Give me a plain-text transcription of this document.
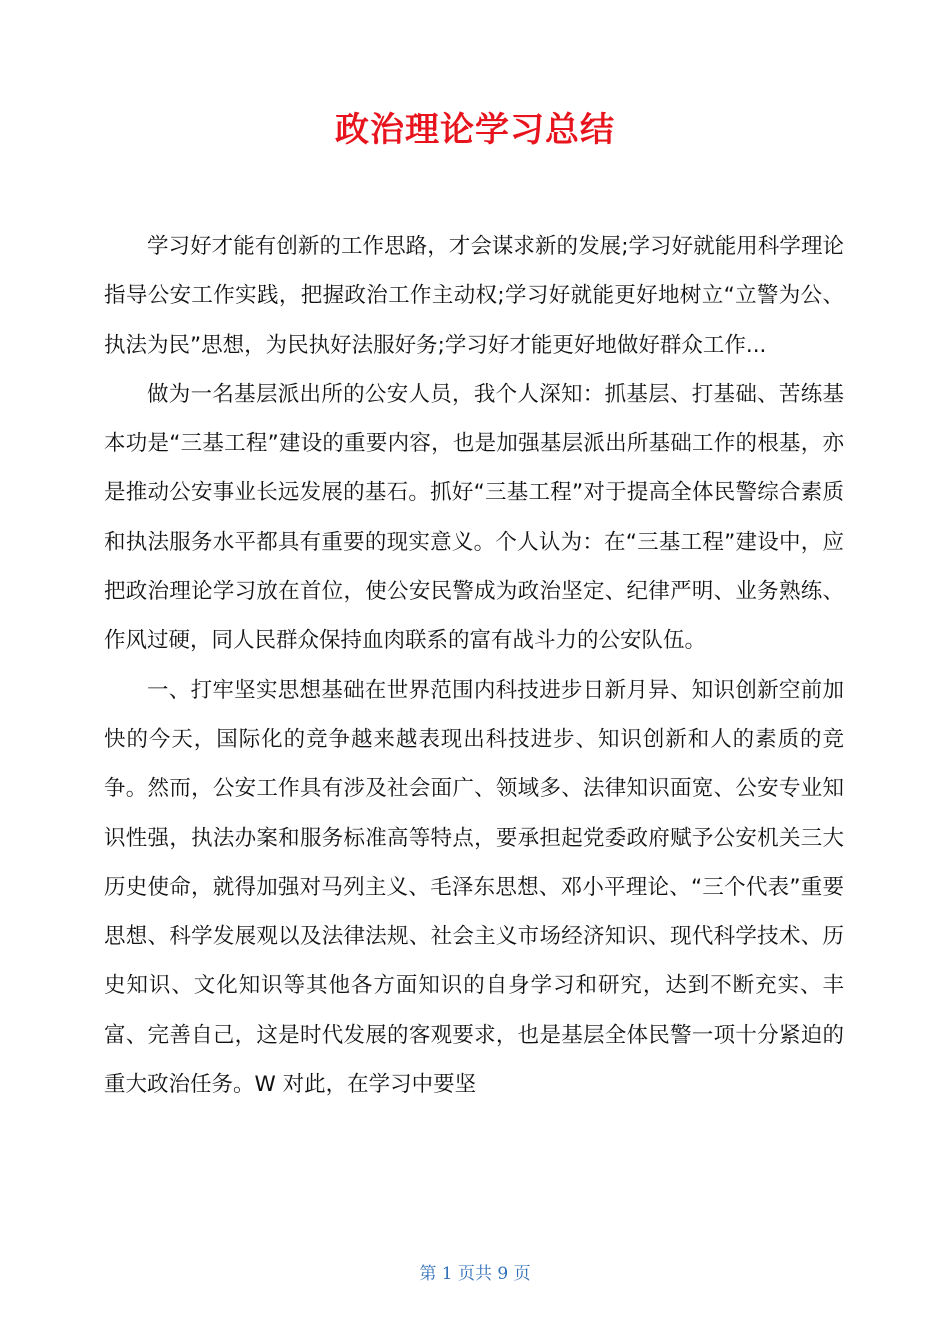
政治理论学习总结

学习好才能有创新的工作思路，才会谋求新的发展;学习好就能用科学理论指导公安工作实践，把握政治工作主动权;学习好就能更好地树立“立警为公、执法为民”思想，为民执好法服好务;学习好才能更好地做好群众工作...

做为一名基层派出所的公安人员，我个人深知：抓基层、打基础、苦练基本功是“三基工程”建设的重要内容，也是加强基层派出所基础工作的根基，亦是推动公安事业长远发展的基石。抓好“三基工程”对于提高全体民警综合素质和执法服务水平都具有重要的现实意义。个人认为：在“三基工程”建设中，应把政治理论学习放在首位，使公安民警成为政治坚定、纪律严明、业务熟练、作风过硬，同人民群众保持血肉联系的富有战斗力的公安队伍。

一、打牢坚实思想基础在世界范围内科技进步日新月异、知识创新空前加快的今天，国际化的竞争越来越表现出科技进步、知识创新和人的素质的竞争。然而，公安工作具有涉及社会面广、领域多、法律知识面宽、公安专业知识性强，执法办案和服务标准高等特点，要承担起党委政府赋予公安机关三大历史使命，就得加强对马列主义、毛泽东思想、邓小平理论、“三个代表”重要思想、科学发展观以及法律法规、社会主义市场经济知识、现代科学技术、历史知识、文化知识等其他各方面知识的自身学习和研究，达到不断充实、丰富、完善自己，这是时代发展的客观要求，也是基层全体民警一项十分紧迫的重大政治任务。W 对此，在学习中要坚

第 1 页共 9 页
